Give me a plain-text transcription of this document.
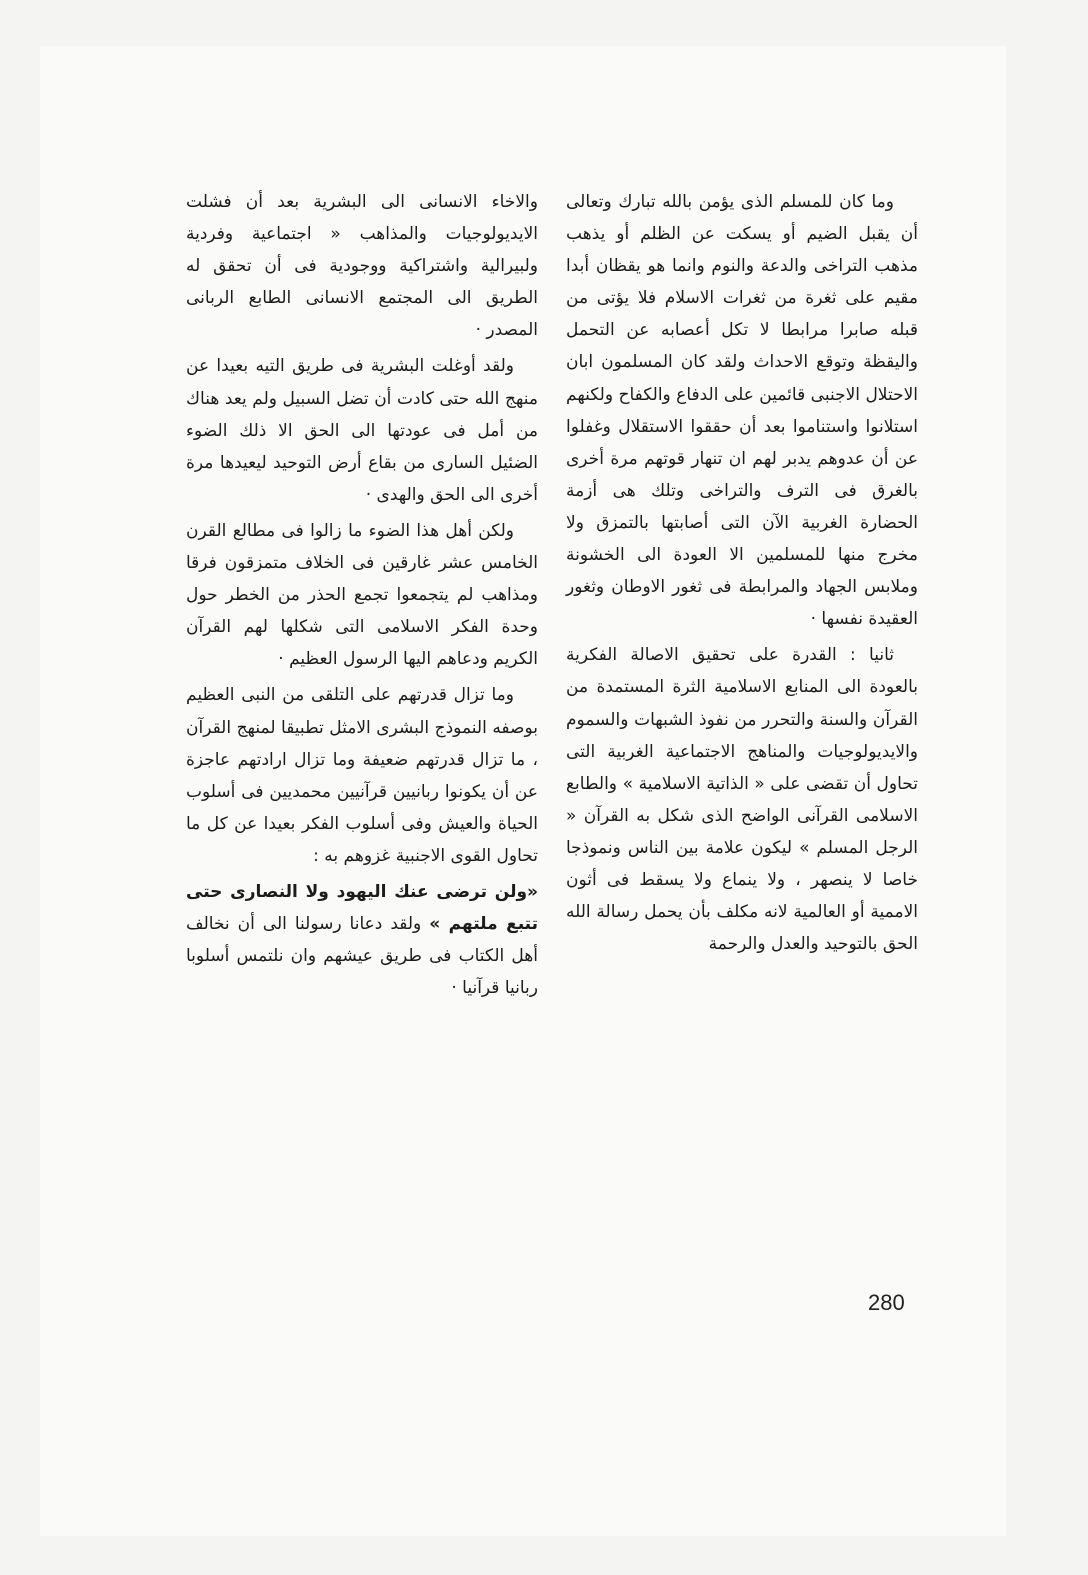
وما كان للمسلم الذى يؤمن بالله تبارك وتعالى أن يقبل الضيم أو يسكت عن الظلم أو يذهب مذهب التراخى والدعة والنوم وانما هو يقظان أبدا مقيم على ثغرة من ثغرات الاسلام فلا يؤتى من قبله صابرا مرابطا لا تكل أعصابه عن التحمل واليقظة وتوقع الاحداث ولقد كان المسلمون ابان الاحتلال الاجنبى قائمين على الدفاع والكفاح ولكنهم استلانوا واستناموا بعد أن حققوا الاستقلال وغفلوا عن أن عدوهم يدبر لهم ان تنهار قوتهم مرة أخرى بالغرق فى الترف والتراخى وتلك هى أزمة الحضارة الغربية الآن التى أصابتها بالتمزق ولا مخرج منها للمسلمين الا العودة الى الخشونة وملابس الجهاد والمرابطة فى ثغور الاوطان وثغور العقيدة نفسها ·

ثانيا : القدرة على تحقيق الاصالة الفكرية بالعودة الى المنابع الاسلامية الثرة المستمدة من القرآن والسنة والتحرر من نفوذ الشبهات والسموم والايديولوجيات والمناهج الاجتماعية الغربية التى تحاول أن تقضى على « الذاتية الاسلامية » والطابع الاسلامى القرآنى الواضح الذى شكل به القرآن « الرجل المسلم » ليكون علامة بين الناس ونموذجا خاصا لا ينصهر ، ولا ينماع ولا يسقط فى أثون الاممية أو العالمية لانه مكلف بأن يحمل رسالة الله الحق بالتوحيد والعدل والرحمة

والاخاء الانسانى الى البشرية بعد أن فشلت الايديولوجيات والمذاهب « اجتماعية وفردية ولبيرالية واشتراكية ووجودية فى أن تحقق له الطريق الى المجتمع الانسانى الطابع الربانى المصدر ·

ولقد أوغلت البشرية فى طريق التيه بعيدا عن منهج الله حتى كادت أن تضل السبيل ولم يعد هناك من أمل فى عودتها الى الحق الا ذلك الضوء الضئيل السارى من بقاع أرض التوحيد ليعيدها مرة أخرى الى الحق والهدى ·

ولكن أهل هذا الضوء ما زالوا فى مطالع القرن الخامس عشر غارقين فى الخلاف متمزقون فرقا ومذاهب لم يتجمعوا تجمع الحذر من الخطر حول وحدة الفكر الاسلامى التى شكلها لهم القرآن الكريم ودعاهم اليها الرسول العظيم ·

وما تزال قدرتهم على التلقى من النبى العظيم بوصفه النموذج البشرى الامثل تطبيقا لمنهج القرآن ، ما تزال قدرتهم ضعيفة وما تزال ارادتهم عاجزة عن أن يكونوا ربانيين قرآنيين محمديين فى أسلوب الحياة والعيش وفى أسلوب الفكر بعيدا عن كل ما تحاول القوى الاجنبية غزوهم به :

«ولن ترضى عنك اليهود ولا النصارى حتى تتبع ملتهم » ولقد دعانا رسولنا الى أن نخالف أهل الكتاب فى طريق عيشهم وان نلتمس أسلوبا ربانيا قرآنيا ·

280
